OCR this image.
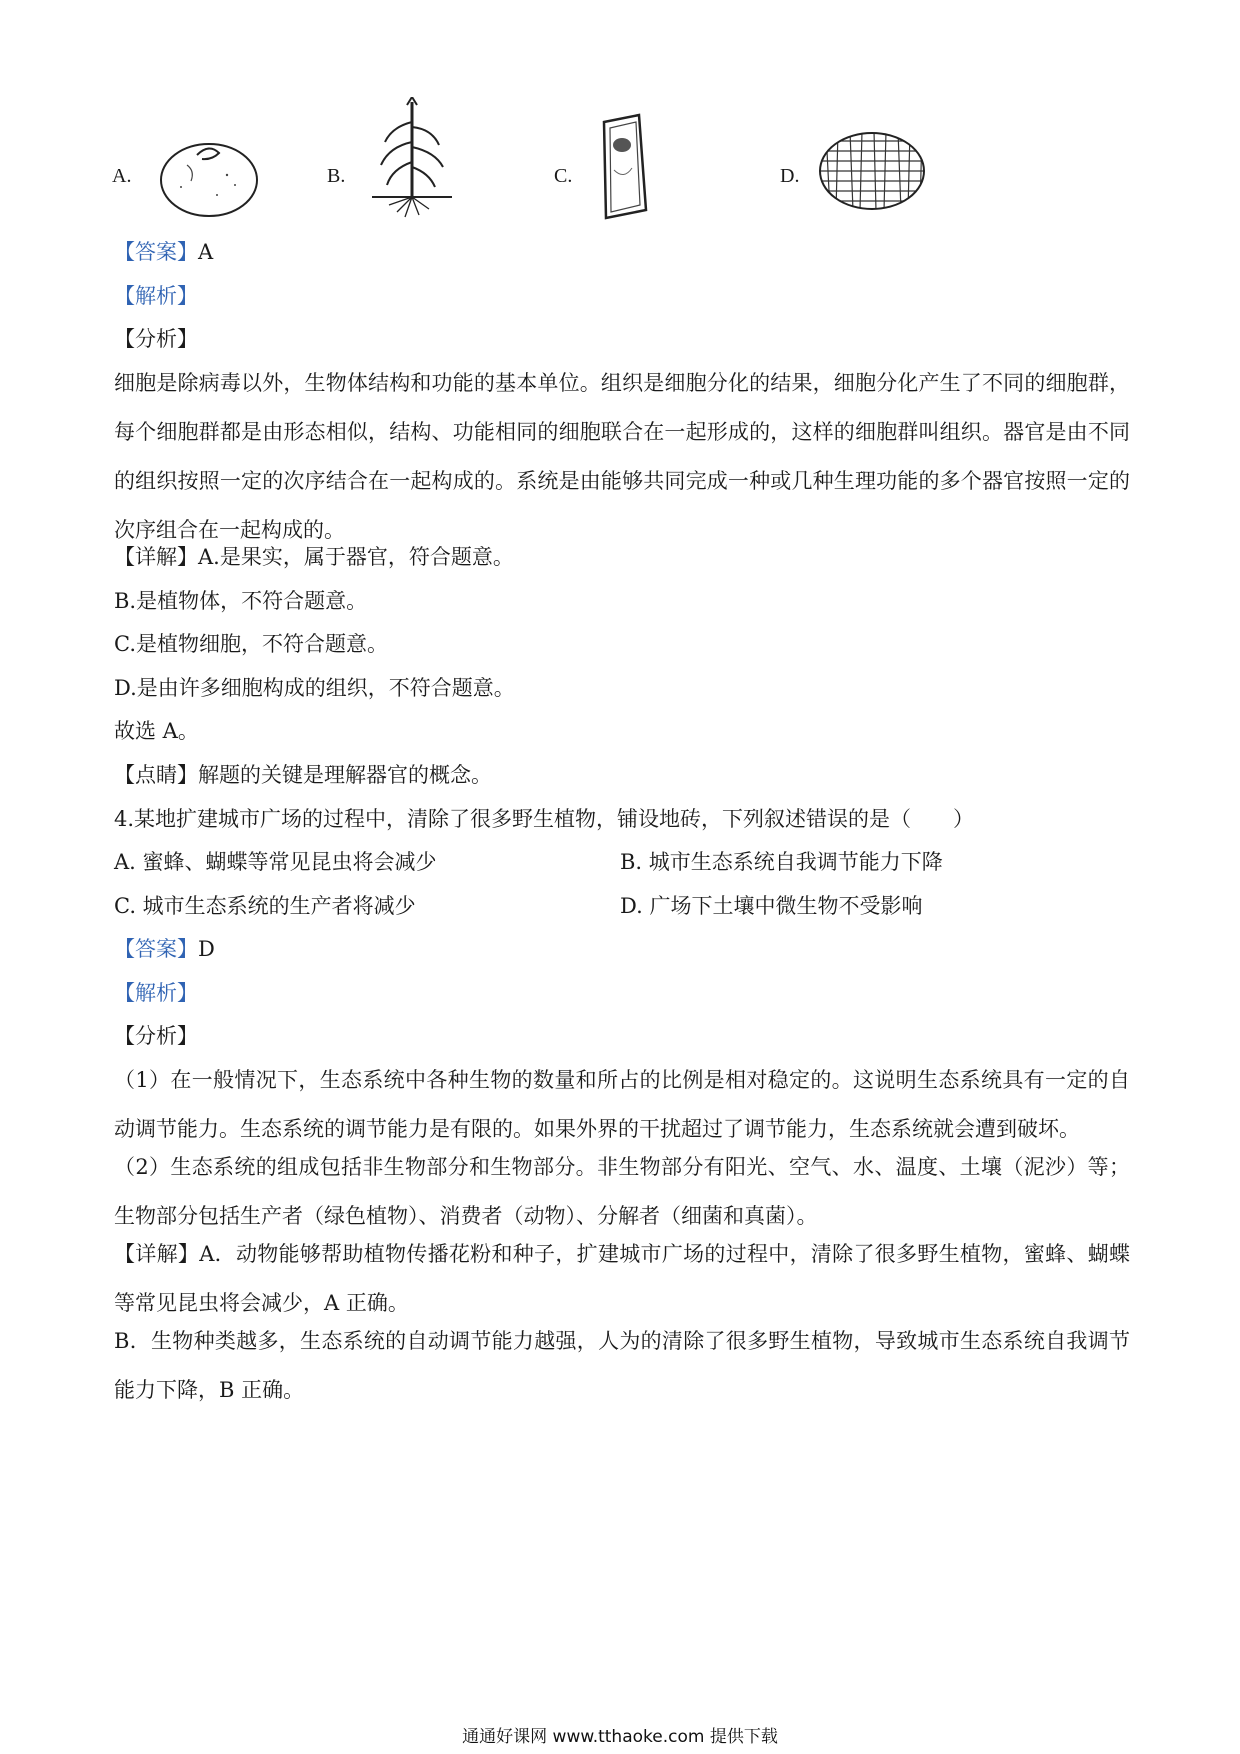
A.	B.	C.	D.
【答案】A
【解析】
【分析】
细胞是除病毒以外，生物体结构和功能的基本单位。组织是细胞分化的结果，细胞分化产生了不同的细胞群，每个细胞群都是由形态相似，结构、功能相同的细胞联合在一起形成的，这样的细胞群叫组织。器官是由不同的组织按照一定的次序结合在一起构成的。系统是由能够共同完成一种或几种生理功能的多个器官按照一定的次序组合在一起构成的。
【详解】A.是果实，属于器官，符合题意。
B.是植物体，不符合题意。
C.是植物细胞，不符合题意。
D.是由许多细胞构成的组织，不符合题意。
故选 A。
【点睛】解题的关键是理解器官的概念。
4.某地扩建城市广场的过程中，清除了很多野生植物，铺设地砖，下列叙述错误的是（　　）
A. 蜜蜂、蝴蝶等常见昆虫将会减少	B. 城市生态系统自我调节能力下降
C. 城市生态系统的生产者将减少	D. 广场下土壤中微生物不受影响
【答案】D
【解析】
【分析】
（1）在一般情况下，生态系统中各种生物的数量和所占的比例是相对稳定的。这说明生态系统具有一定的自动调节能力。生态系统的调节能力是有限的。如果外界的干扰超过了调节能力，生态系统就会遭到破坏。
（2）生态系统的组成包括非生物部分和生物部分。非生物部分有阳光、空气、水、温度、土壤（泥沙）等；生物部分包括生产者（绿色植物）、消费者（动物）、分解者（细菌和真菌）。
【详解】A．动物能够帮助植物传播花粉和种子，扩建城市广场的过程中，清除了很多野生植物，蜜蜂、蝴蝶等常见昆虫将会减少，A 正确。
B．生物种类越多，生态系统的自动调节能力越强，人为的清除了很多野生植物，导致城市生态系统自我调节能力下降，B 正确。
通通好课网 www.tthaoke.com 提供下载
